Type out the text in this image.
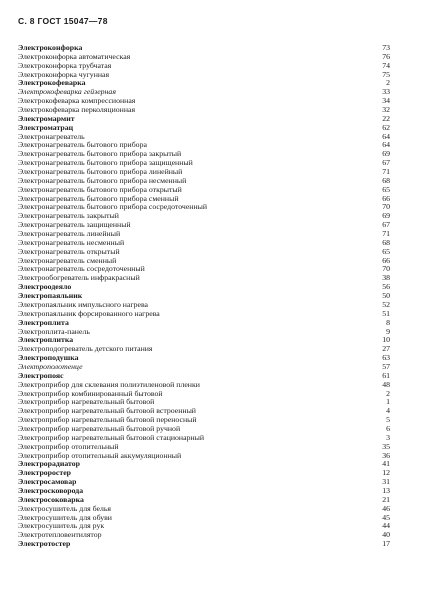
С. 8 ГОСТ 15047—78
Электроконфорка	73
Электроконфорка автоматическая	76
Электроконфорка трубчатая	74
Электроконфорка чугунная	75
Электрокофеварка	2
Электрокофеварка гейзерная	33
Электрокофеварка компрессионная	34
Электрокофеварка перколяционная	32
Электромармит	22
Электроматрац	62
Электронагреватель	64
Электронагреватель бытового прибора	64
Электронагреватель бытового прибора закрытый	69
Электронагреватель бытового прибора защищенный	67
Электронагреватель бытового прибора линейный	71
Электронагреватель бытового прибора несменный	68
Электронагреватель бытового прибора открытый	65
Электронагреватель бытового прибора сменный	66
Электронагреватель бытового прибора сосредоточенный	70
Электронагреватель закрытый	69
Электронагреватель защищенный	67
Электронагреватель линейный	71
Электронагреватель несменный	68
Электронагреватель открытый	65
Электронагреватель сменный	66
Электронагреватель сосредоточенный	70
Электрообогреватель инфракрасный	38
Электроодеяло	56
Электропаяльник	50
Электропаяльник импульсного нагрева	52
Электропаяльник форсированного нагрева	51
Электроплита	8
Электроплита-панель	9
Электроплитка	10
Электроподогреватель детского питания	27
Электроподушка	63
Электрополотенце	57
Электропояс	61
Электроприбор для склевания полиэтиленовой пленки	48
Электроприбор комбинированный бытовой	2
Электроприбор нагревательный бытовой	1
Электроприбор нагревательный бытовой встроенный	4
Электроприбор нагревательный бытовой переносный	5
Электроприбор нагревательный бытовой ручной	6
Электроприбор нагревательный бытовой стационарный	3
Электроприбор отопительный	35
Электроприбор отопительный аккумуляционный	36
Электрорадиатор	41
Электророcтер	12
Электросамовар	31
Электросковорода	13
Электросоковарка	21
Электросушитель для белья	46
Электросушитель для обуви	45
Электросушитель для рук	44
Электротепловентилятор	40
Электротостер	17
